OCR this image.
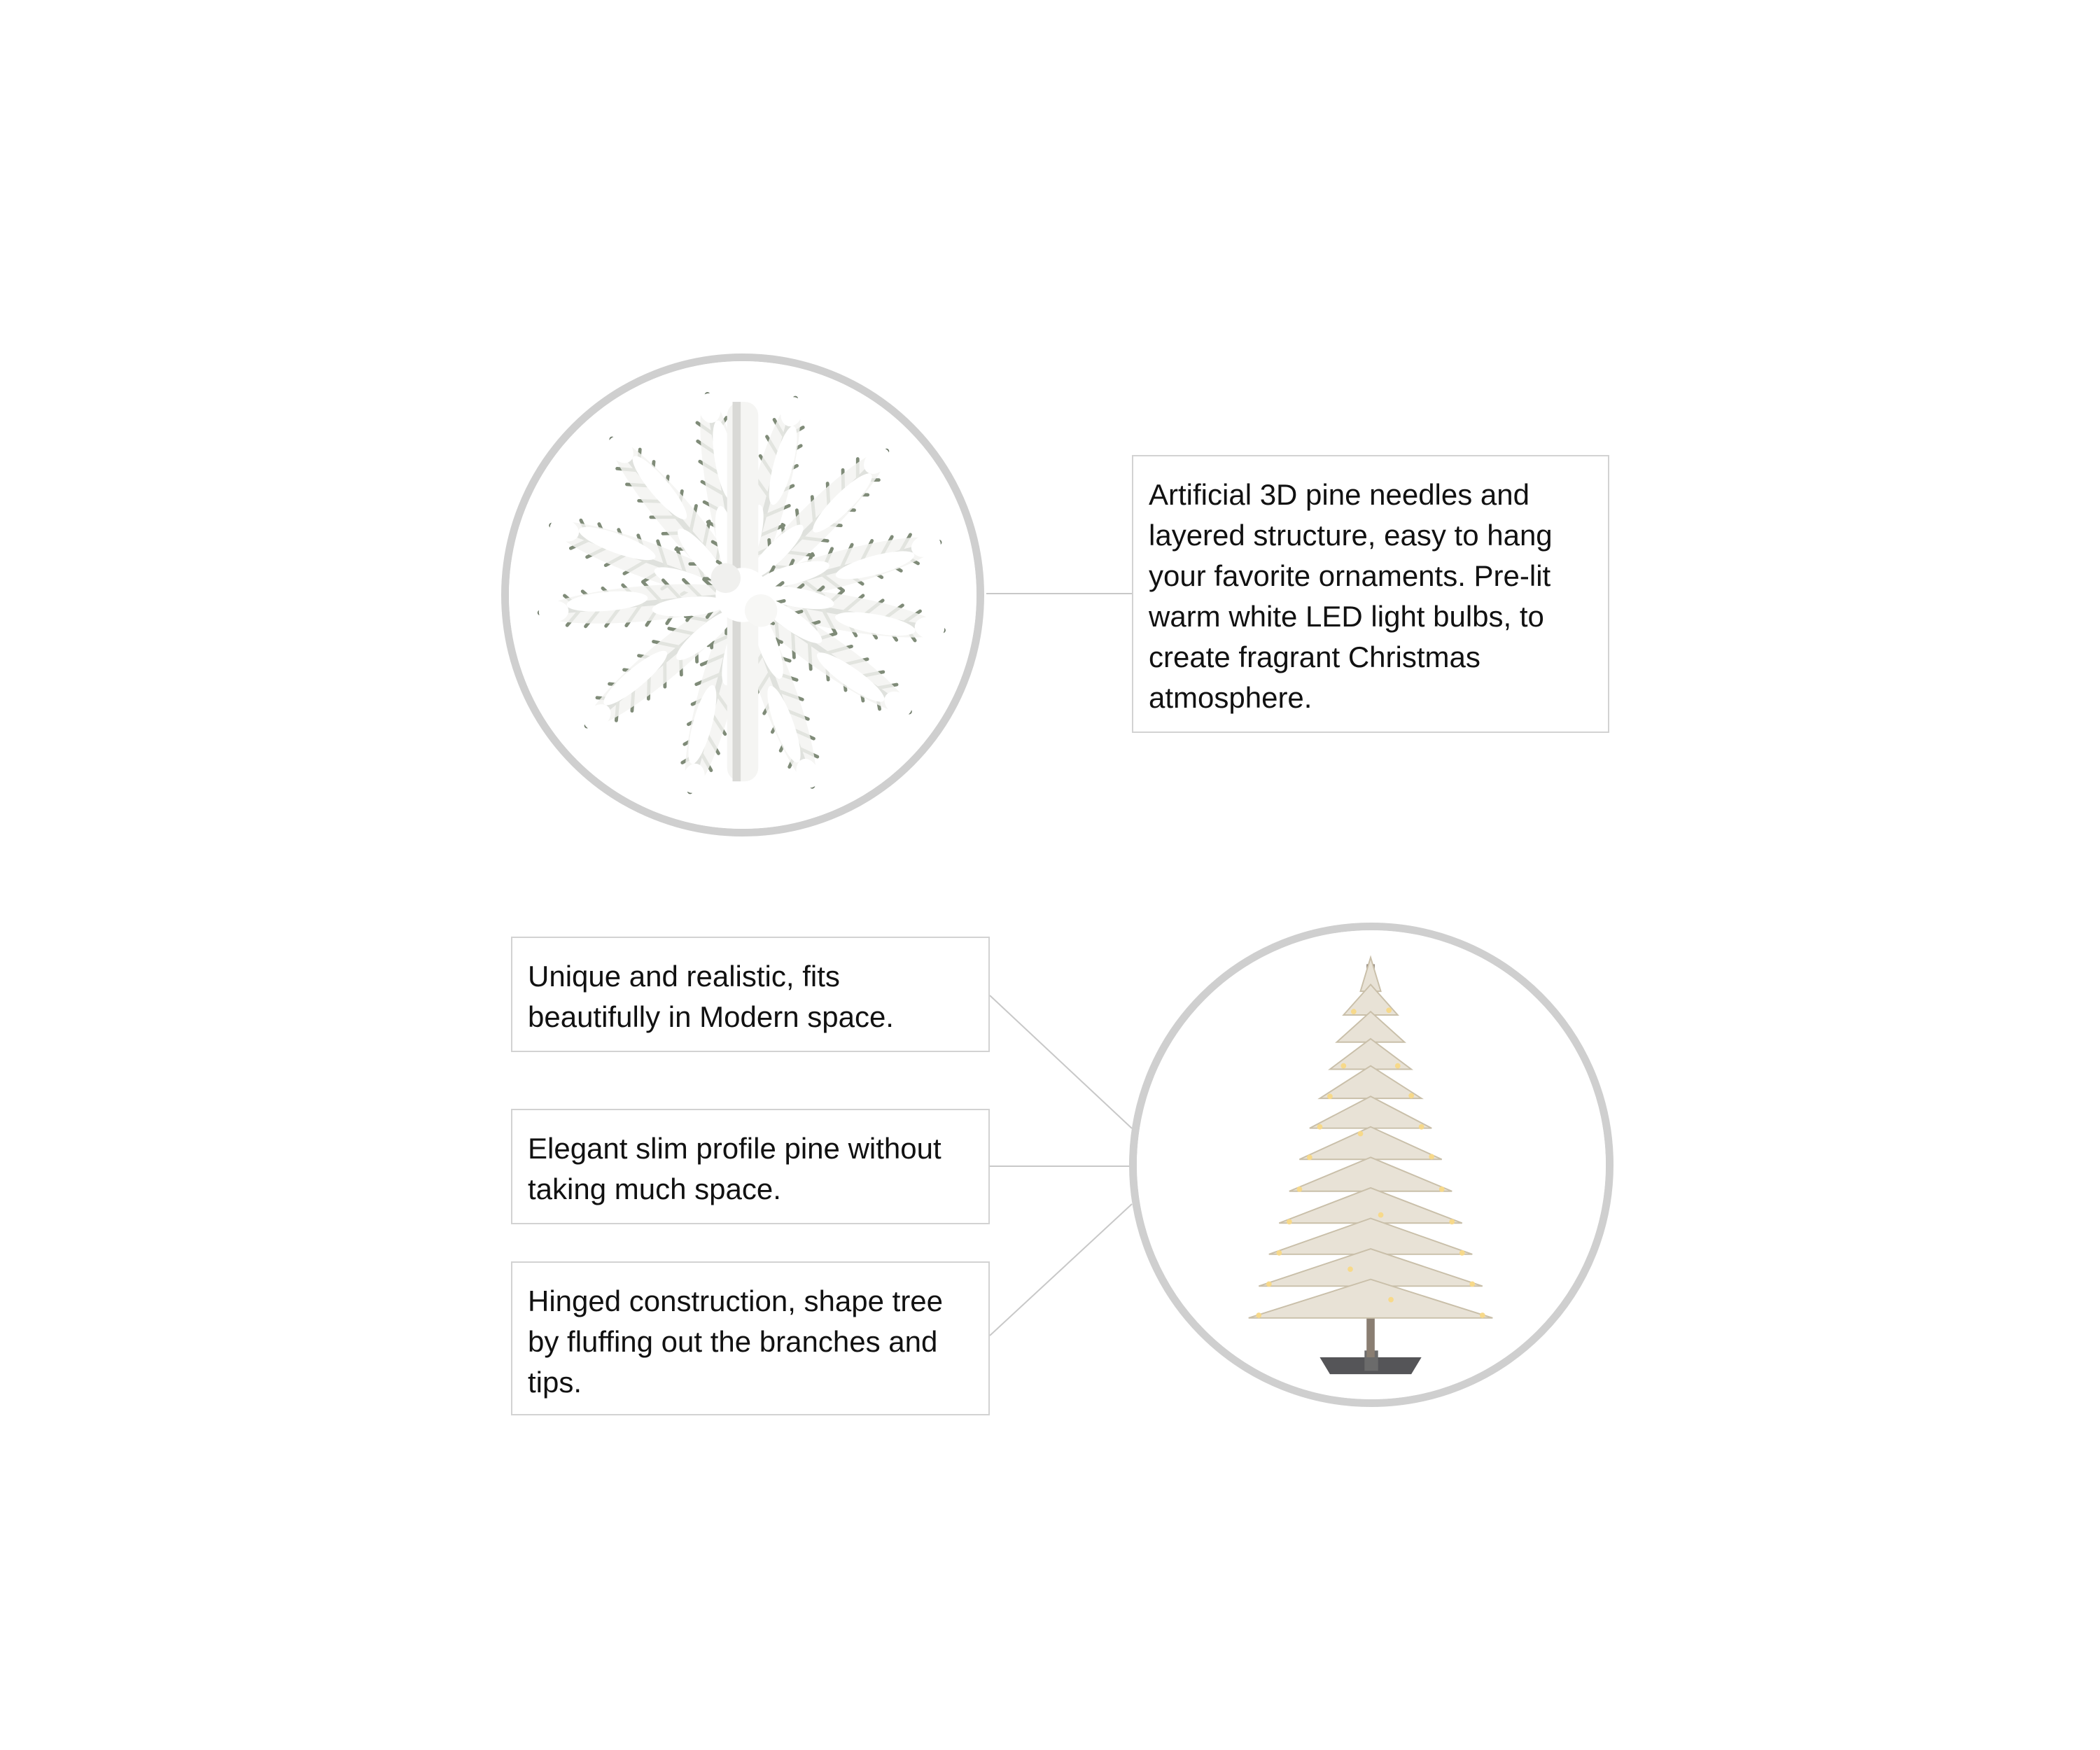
Artificial 3D pine needles and layered structure, easy to hang your favorite ornaments. Pre-lit warm white LED light bulbs, to create fragrant Christmas atmosphere.
Unique and realistic, fits beautifully in Modern space.
Elegant slim profile pine without taking much space.
Hinged construction, shape tree by fluffing out the branches and tips.
